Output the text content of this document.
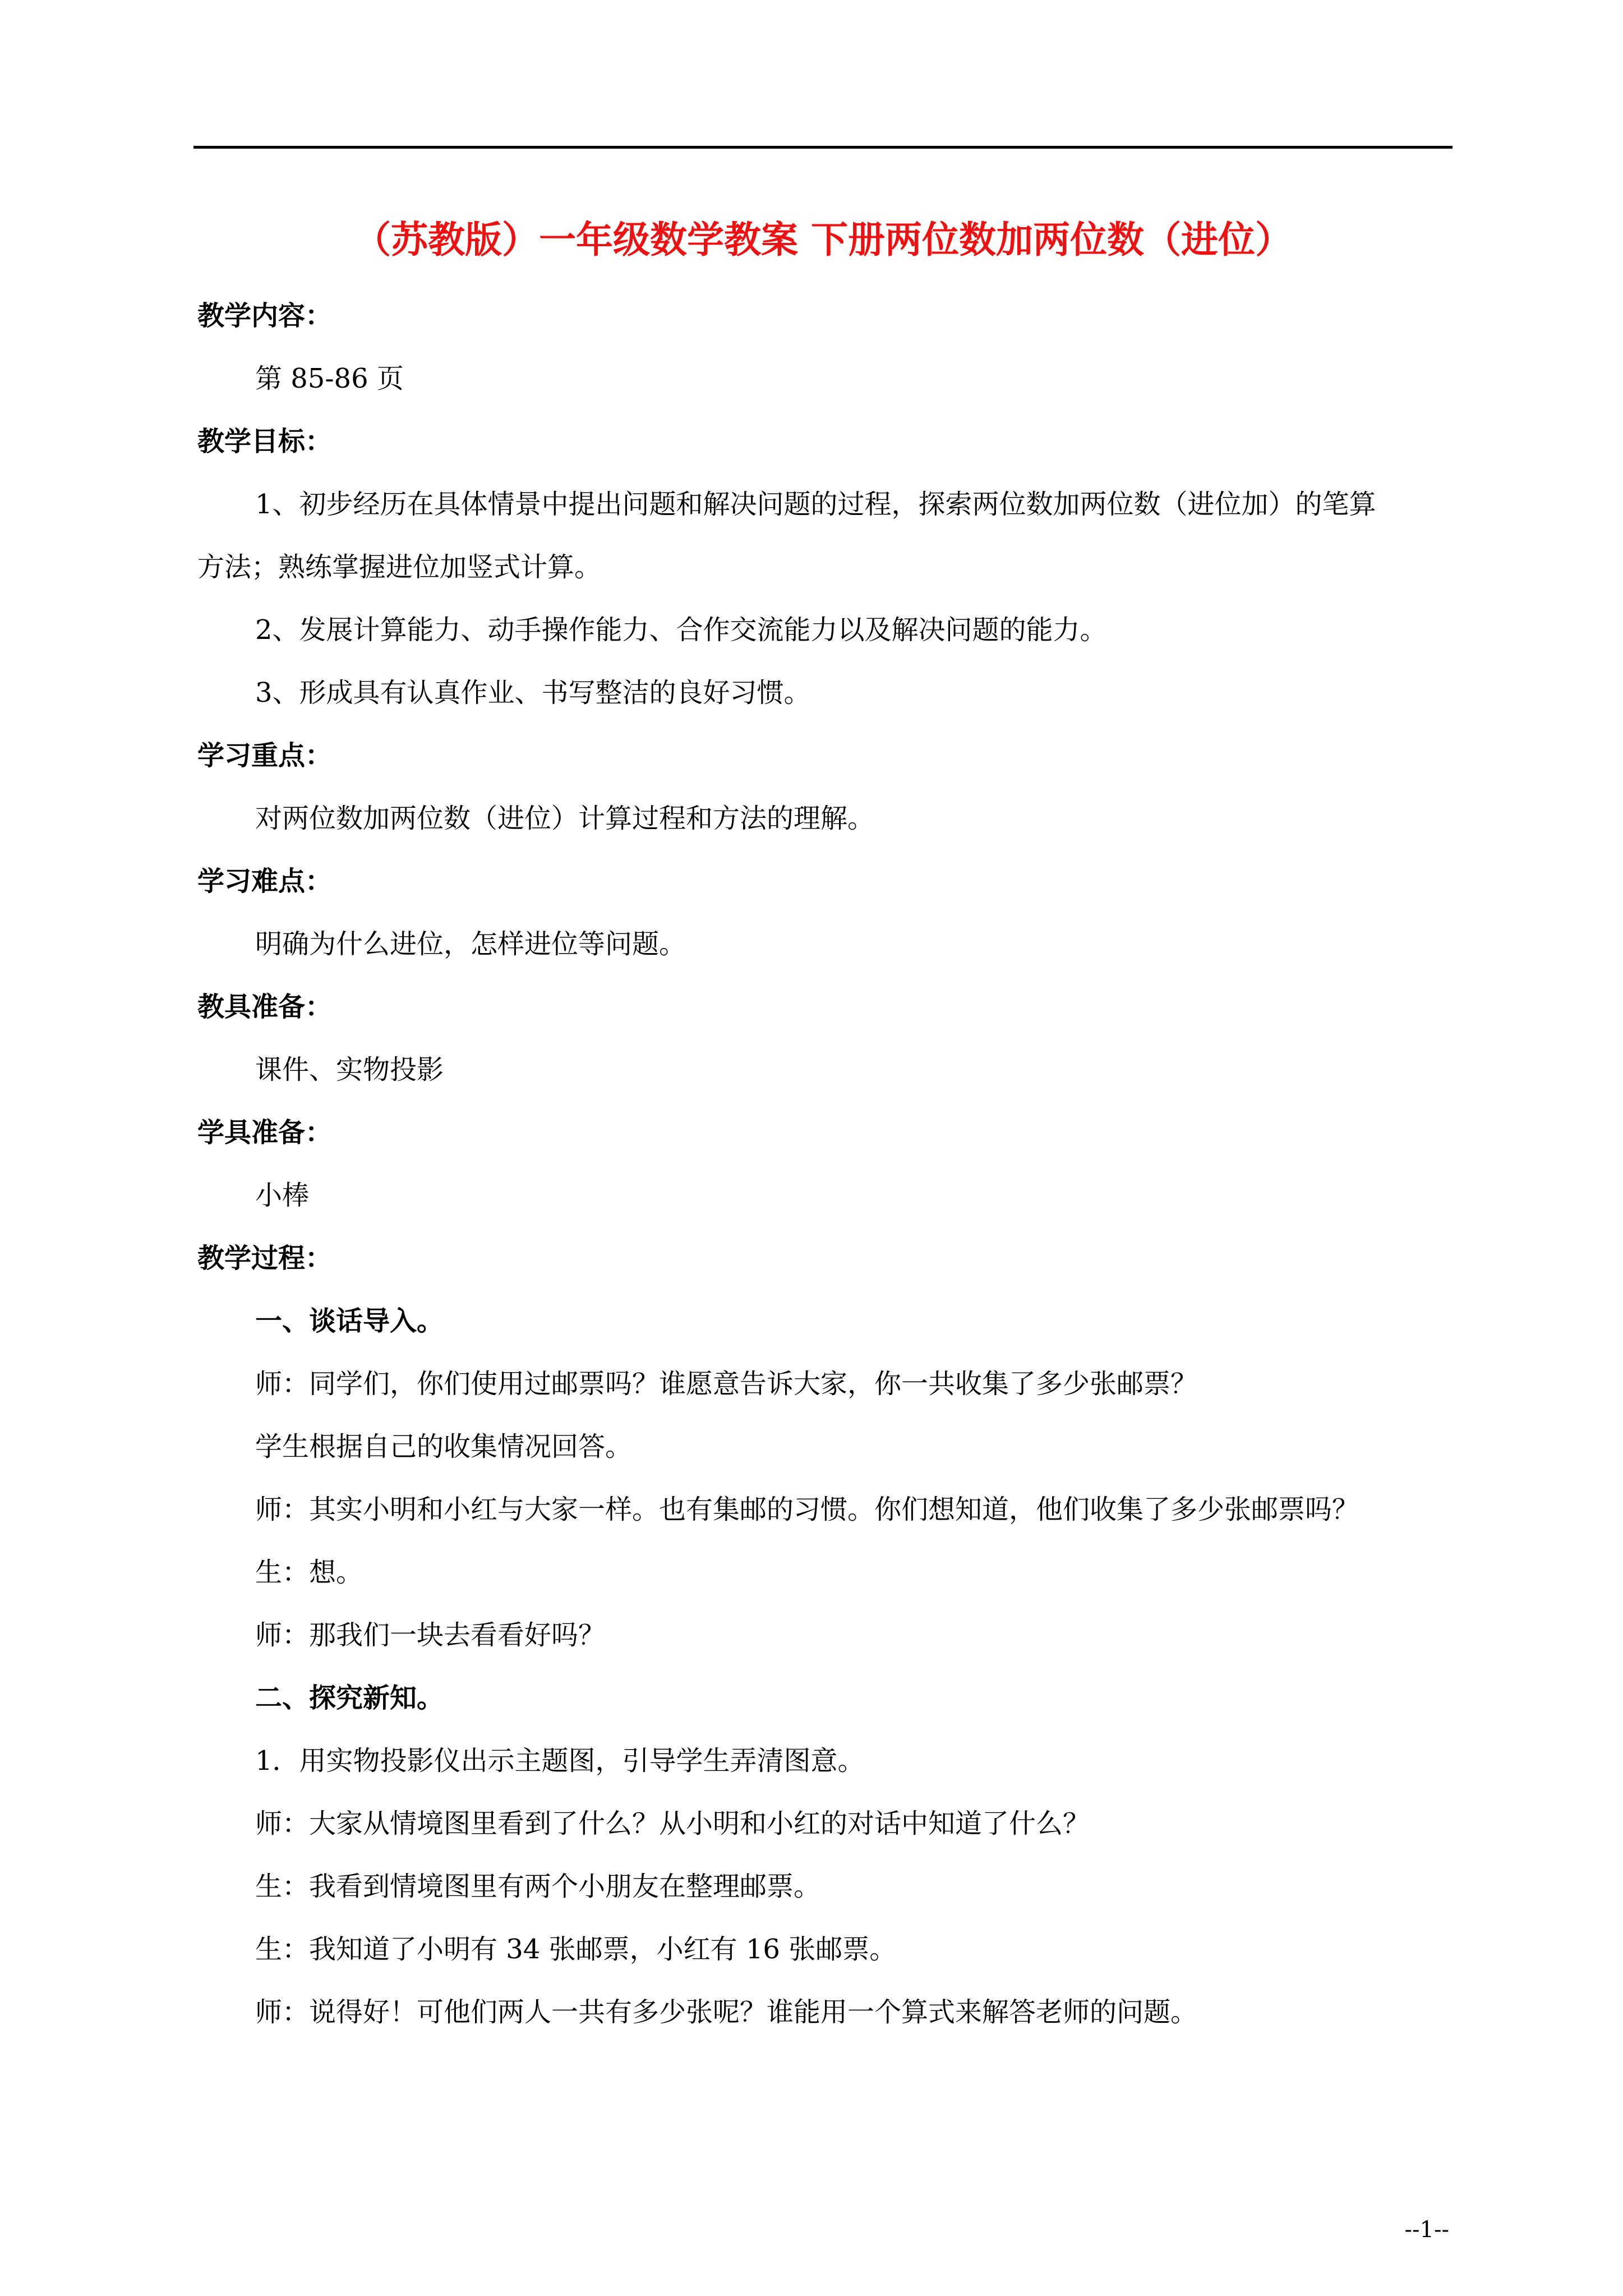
（苏教版）一年级数学教案 下册两位数加两位数（进位）

教学内容：

第 85-86 页

教学目标：

1、初步经历在具体情景中提出问题和解决问题的过程，探索两位数加两位数（进位加）的笔算

方法；熟练掌握进位加竖式计算。

2、发展计算能力、动手操作能力、合作交流能力以及解决问题的能力。

3、形成具有认真作业、书写整洁的良好习惯。

学习重点：

对两位数加两位数（进位）计算过程和方法的理解。

学习难点：

明确为什么进位，怎样进位等问题。

教具准备：

课件、实物投影

学具准备：

小棒

教学过程：

一、谈话导入。

师：同学们，你们使用过邮票吗？谁愿意告诉大家，你一共收集了多少张邮票？

学生根据自己的收集情况回答。

师：其实小明和小红与大家一样。也有集邮的习惯。你们想知道，他们收集了多少张邮票吗？

生：想。

师：那我们一块去看看好吗？

二、探究新知。

1．用实物投影仪出示主题图，引导学生弄清图意。

师：大家从情境图里看到了什么？从小明和小红的对话中知道了什么？

生：我看到情境图里有两个小朋友在整理邮票。

生：我知道了小明有 34 张邮票，小红有 16 张邮票。

师：说得好！可他们两人一共有多少张呢？谁能用一个算式来解答老师的问题。

--1--
